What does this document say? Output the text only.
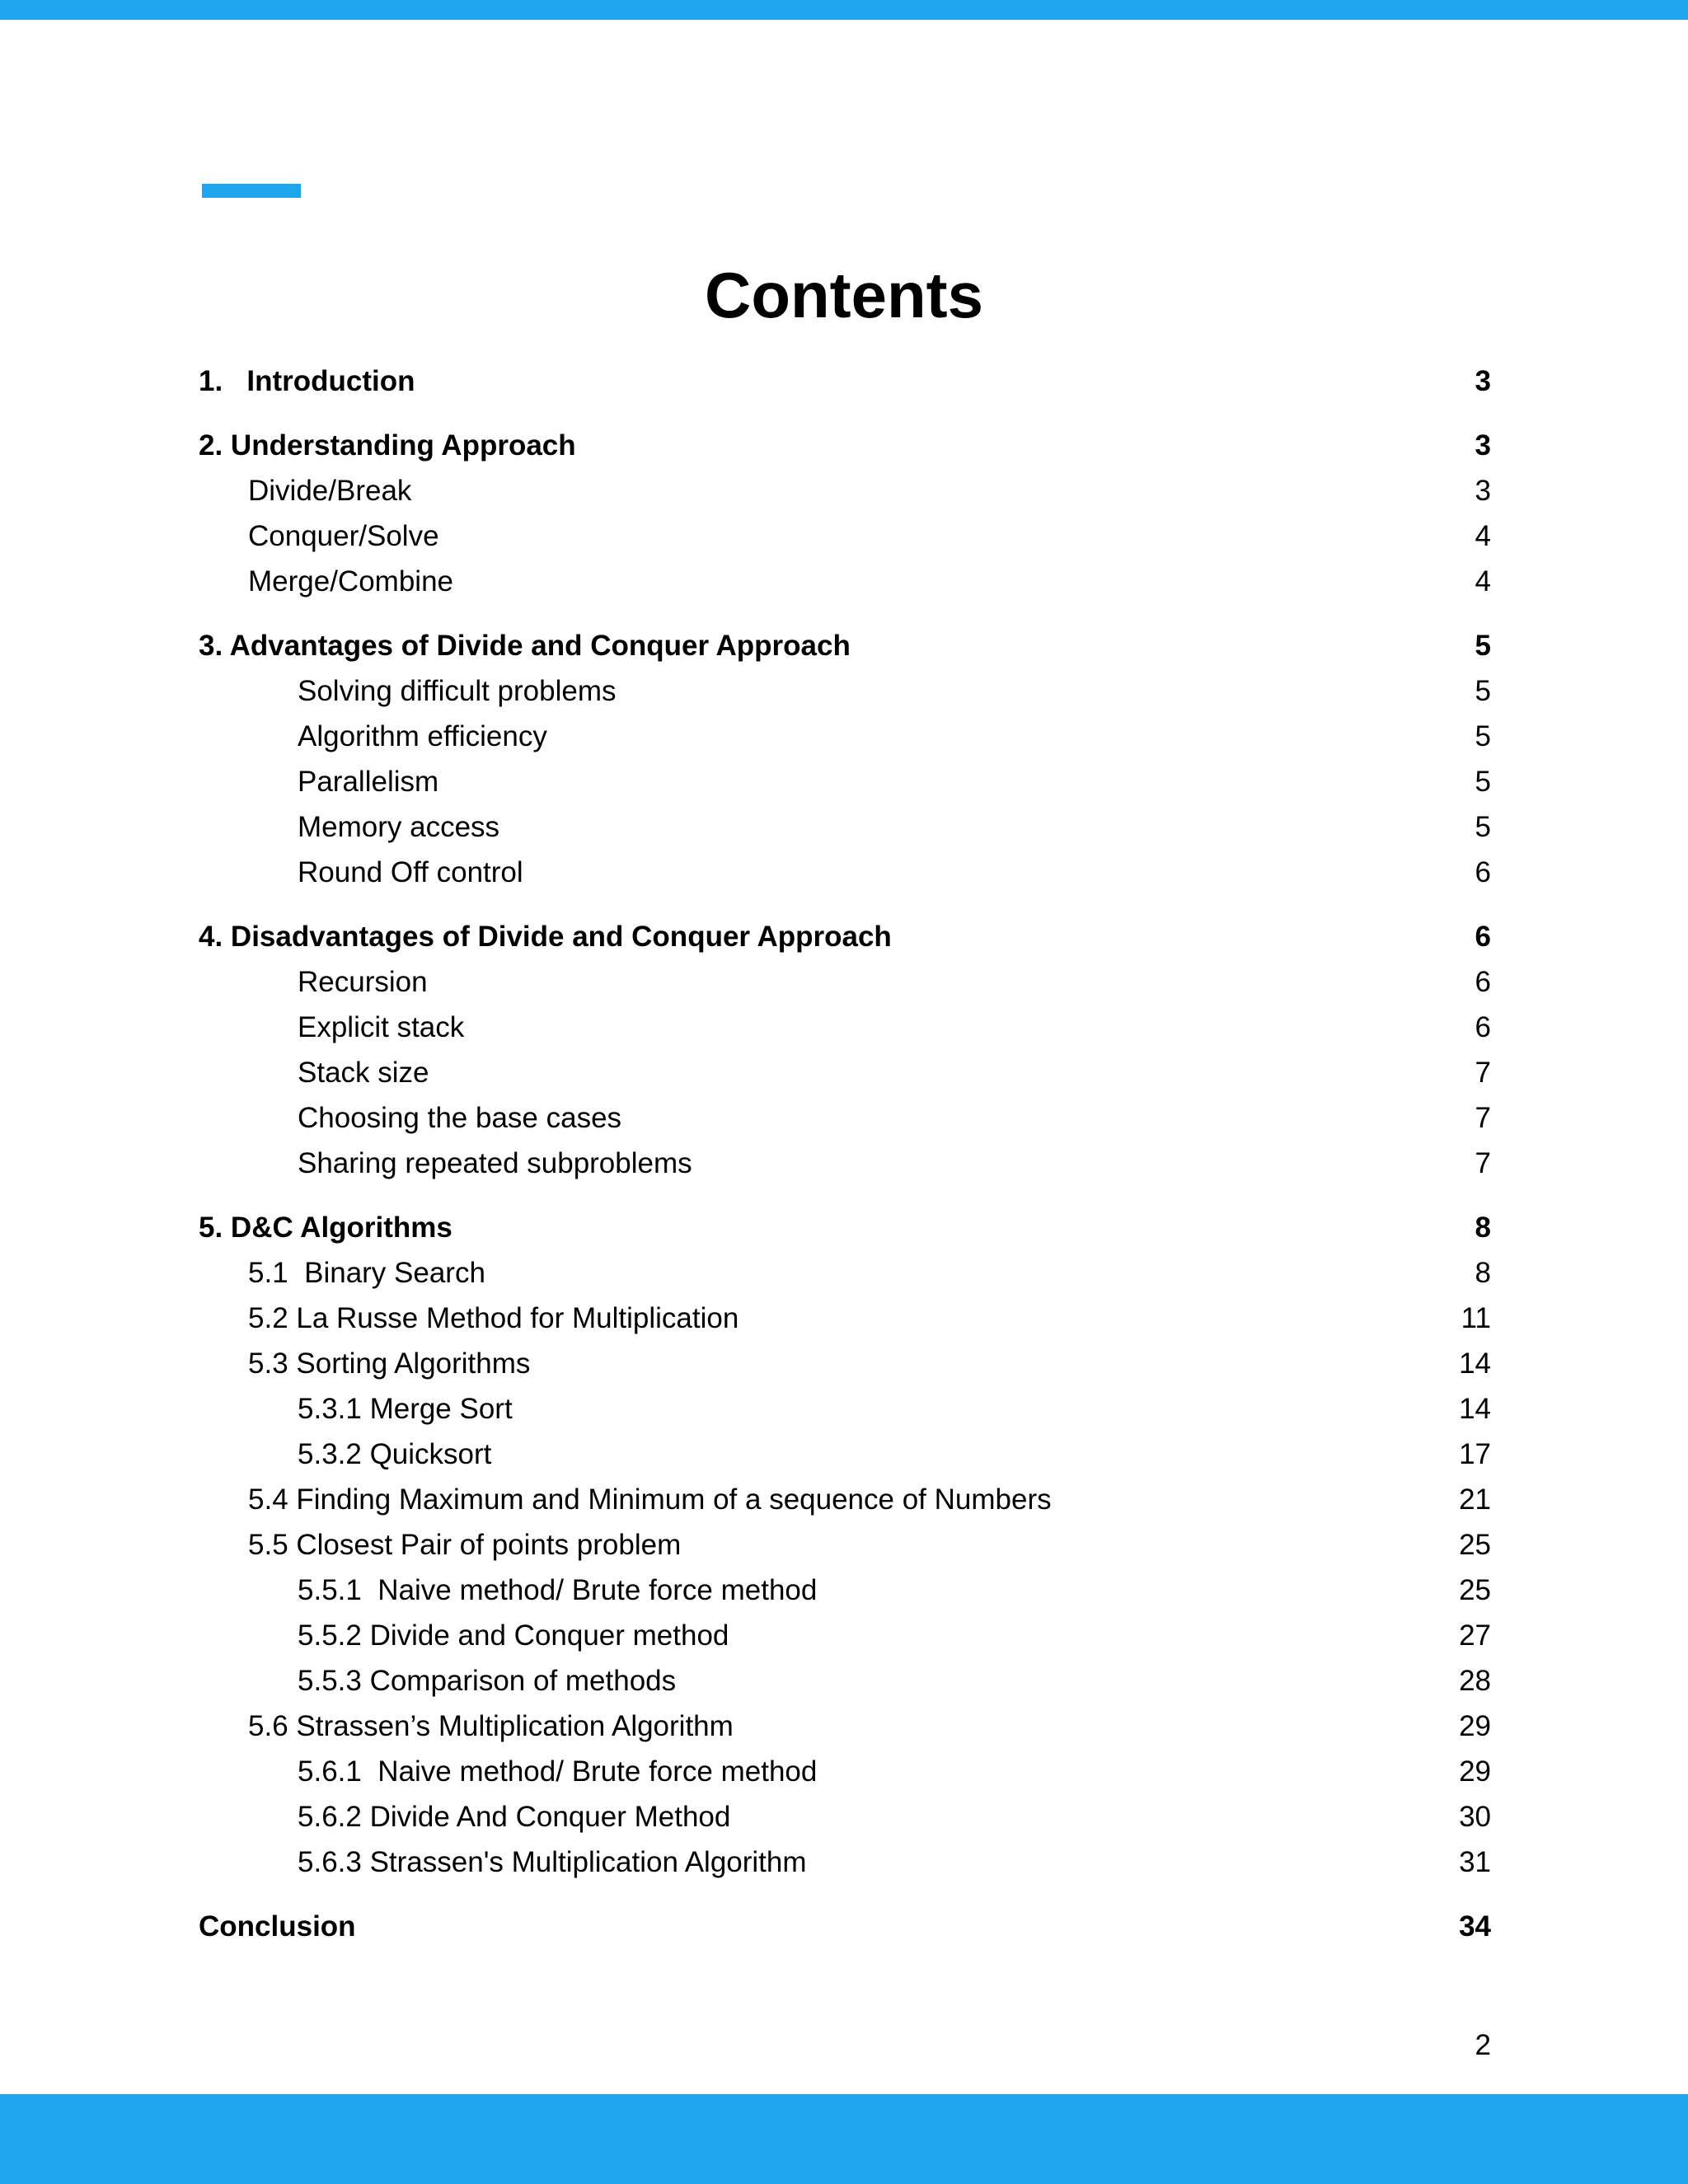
Contents
1.   Introduction	3
2. Understanding Approach	3
Divide/Break	3
Conquer/Solve	4
Merge/Combine	4
3. Advantages of Divide and Conquer Approach	5
Solving difficult problems	5
Algorithm efficiency	5
Parallelism	5
Memory access	5
Round Off control	6
4. Disadvantages of Divide and Conquer Approach	6
Recursion	6
Explicit stack	6
Stack size	7
Choosing the base cases	7
Sharing repeated subproblems	7
5. D&C Algorithms	8
5.1  Binary Search	8
5.2 La Russe Method for Multiplication	11
5.3 Sorting Algorithms	14
5.3.1 Merge Sort	14
5.3.2 Quicksort	17
5.4 Finding Maximum and Minimum of a sequence of Numbers	21
5.5 Closest Pair of points problem	25
5.5.1  Naive method/ Brute force method	25
5.5.2 Divide and Conquer method	27
5.5.3 Comparison of methods	28
5.6 Strassen’s Multiplication Algorithm	29
5.6.1  Naive method/ Brute force method	29
5.6.2 Divide And Conquer Method	30
5.6.3 Strassen's Multiplication Algorithm	31
Conclusion	34
2
